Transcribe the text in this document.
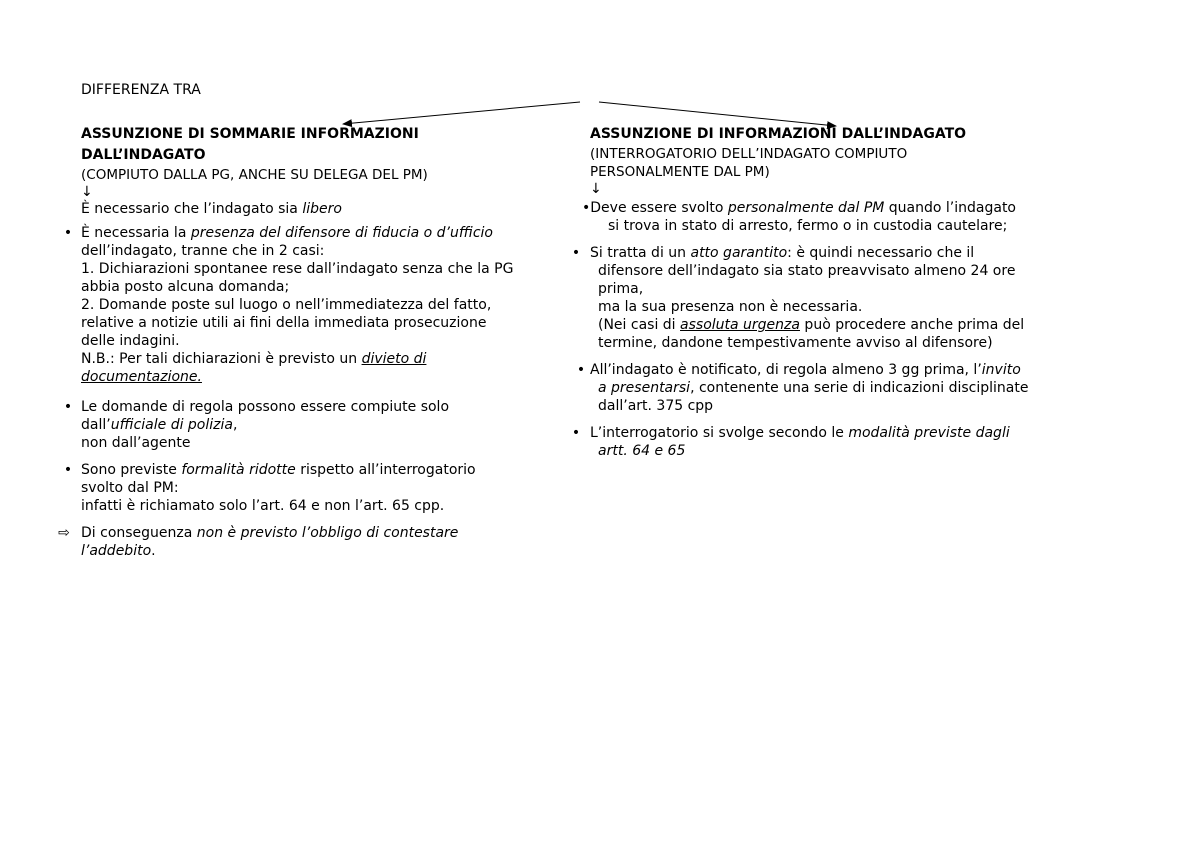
DIFFERENZA TRA
ASSUNZIONE DI SOMMARIE INFORMAZIONI
DALL’INDAGATO
(COMPIUTO DALLA PG, ANCHE SU DELEGA DEL PM)
↓
È necessario che l’indagato sia libero
• È necessaria la presenza del difensore di fiducia o d’ufficio
dell’indagato, tranne che in 2 casi:
1. Dichiarazioni spontanee rese dall’indagato senza che la PG
abbia posto alcuna domanda;
2. Domande poste sul luogo o nell’immediatezza del fatto,
relative a notizie utili ai fini della immediata prosecuzione
delle indagini.
N.B.: Per tali dichiarazioni è previsto un divieto di
documentazione.
• Le domande di regola possono essere compiute solo
dall’ufficiale di polizia,
non dall’agente
• Sono previste formalità ridotte rispetto all’interrogatorio
svolto dal PM:
infatti è richiamato solo l’art. 64 e non l’art. 65 cpp.
⇨ Di conseguenza non è previsto l’obbligo di contestare
l’addebito.
ASSUNZIONE DI INFORMAZIONI DALL’INDAGATO
(INTERROGATORIO DELL’INDAGATO COMPIUTO
PERSONALMENTE DAL PM)
↓
•Deve essere svolto personalmente dal PM quando l’indagato
si trova in stato di arresto, fermo o in custodia cautelare;
• Si tratta di un atto garantito: è quindi necessario che il
difensore dell’indagato sia stato preavvisato almeno 24 ore
prima,
ma la sua presenza non è necessaria.
(Nei casi di assoluta urgenza può procedere anche prima del
termine, dandone tempestivamente avviso al difensore)
• All’indagato è notificato, di regola almeno 3 gg prima, l’invito
a presentarsi, contenente una serie di indicazioni disciplinate
dall’art. 375 cpp
• L’interrogatorio si svolge secondo le modalità previste dagli
artt. 64 e 65
